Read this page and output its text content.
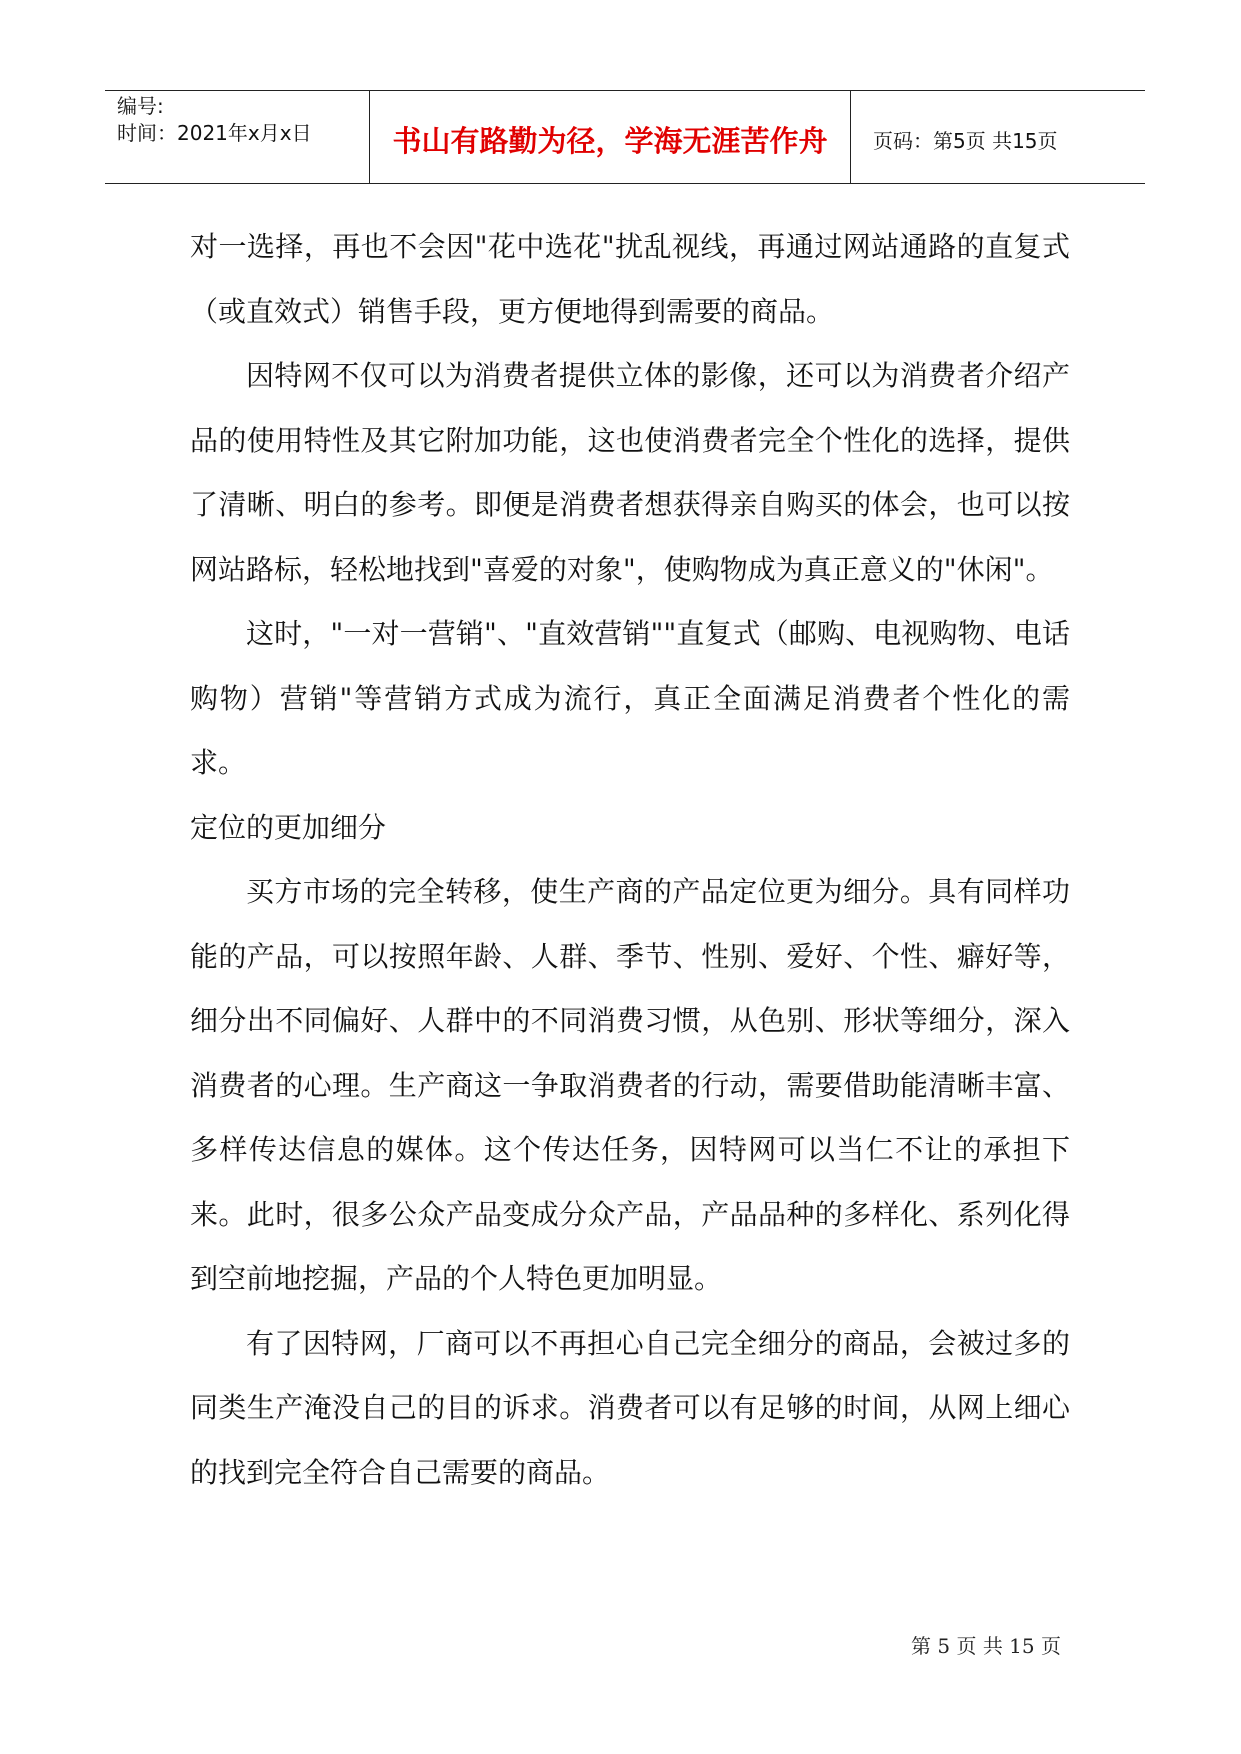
编号:
时间：2021年x月x日	书山有路勤为径，学海无涯苦作舟 页码：第5页 共15页

对一选择，再也不会因"花中选花"扰乱视线，再通过网站通路的直复式（或直效式）销售手段，更方便地得到需要的商品。

因特网不仅可以为消费者提供立体的影像，还可以为消费者介绍产品的使用特性及其它附加功能，这也使消费者完全个性化的选择，提供了清晰、明白的参考。即便是消费者想获得亲自购买的体会，也可以按网站路标，轻松地找到"喜爱的对象"，使购物成为真正意义的"休闲"。

这时，"一对一营销"、"直效营销""直复式（邮购、电视购物、电话购物）营销"等营销方式成为流行，真正全面满足消费者个性化的需求。

定位的更加细分

买方市场的完全转移，使生产商的产品定位更为细分。具有同样功能的产品，可以按照年龄、人群、季节、性别、爱好、个性、癖好等，细分出不同偏好、人群中的不同消费习惯，从色别、形状等细分，深入消费者的心理。生产商这一争取消费者的行动，需要借助能清晰丰富、多样传达信息的媒体。这个传达任务，因特网可以当仁不让的承担下来。此时，很多公众产品变成分众产品，产品品种的多样化、系列化得到空前地挖掘，产品的个人特色更加明显。

有了因特网，厂商可以不再担心自己完全细分的商品，会被过多的同类生产淹没自己的目的诉求。消费者可以有足够的时间，从网上细心的找到完全符合自己需要的商品。

第 5 页 共 15 页
